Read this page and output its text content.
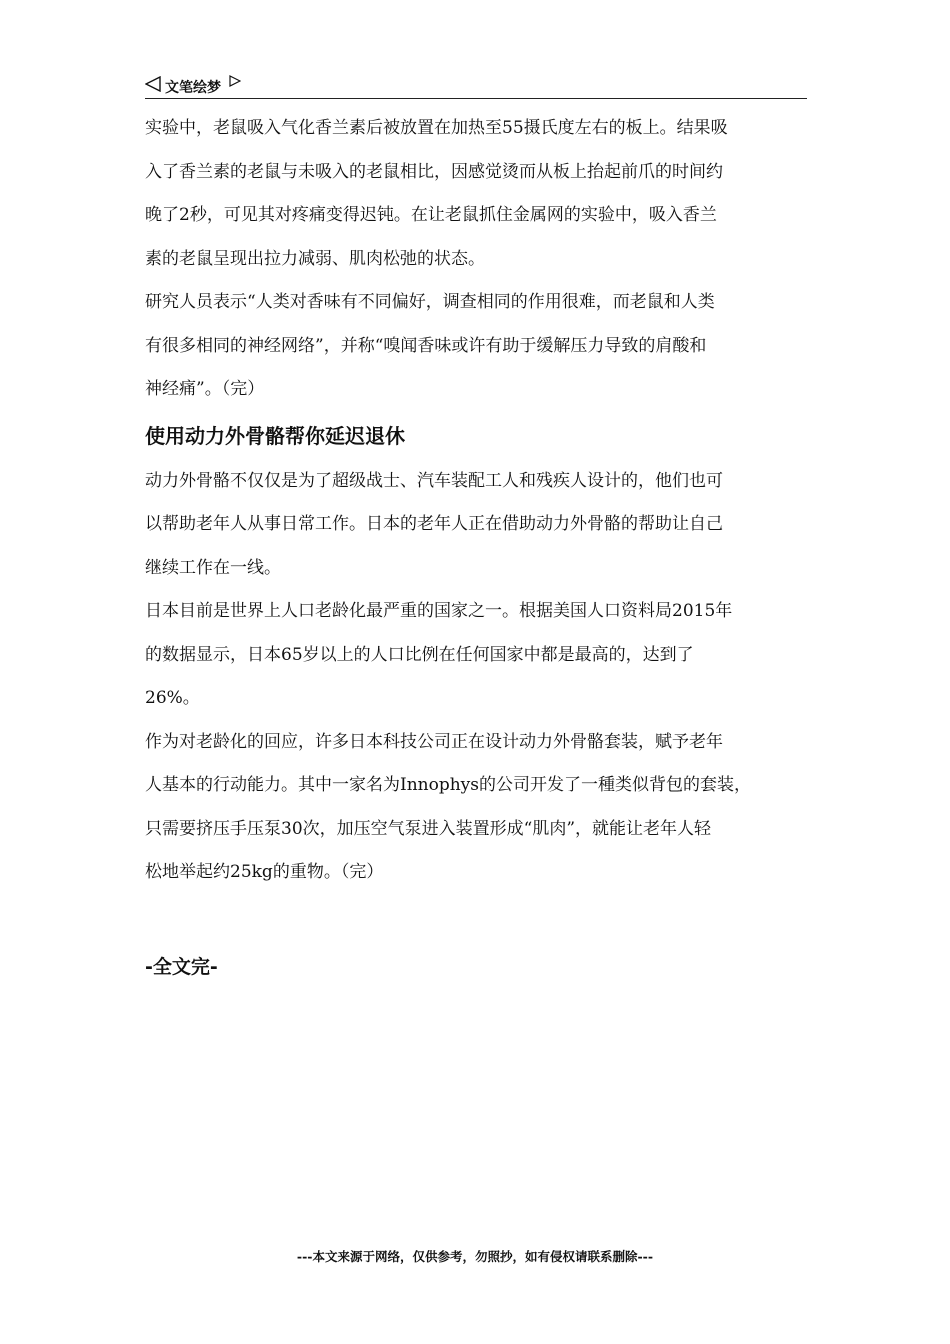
文笔绘梦

实验中，老鼠吸入气化香兰素后被放置在加热至55摄氏度左右的板上。结果吸
入了香兰素的老鼠与未吸入的老鼠相比，因感觉烫而从板上抬起前爪的时间约
晚了2秒，可见其对疼痛变得迟钝。在让老鼠抓住金属网的实验中，吸入香兰
素的老鼠呈现出拉力减弱、肌肉松弛的状态。

研究人员表示“人类对香味有不同偏好，调查相同的作用很难，而老鼠和人类
有很多相同的神经网络”，并称“嗅闻香味或许有助于缓解压力导致的肩酸和
神经痛”。（完）

使用动力外骨骼帮你延迟退休

动力外骨骼不仅仅是为了超级战士、汽车装配工人和残疾人设计的，他们也可
以帮助老年人从事日常工作。日本的老年人正在借助动力外骨骼的帮助让自己
继续工作在一线。

日本目前是世界上人口老龄化最严重的国家之一。根据美国人口资料局2015年
的数据显示，日本65岁以上的人口比例在任何国家中都是最高的，达到了
26%。

作为对老龄化的回应，许多日本科技公司正在设计动力外骨骼套装，赋予老年
人基本的行动能力。其中一家名为Innophys的公司开发了一種类似背包的套装，
只需要挤压手压泵30次，加压空气泵进入装置形成“肌肉”，就能让老年人轻
松地举起约25kg的重物。（完）

-全文完-
---本文来源于网络，仅供参考，勿照抄，如有侵权请联系删除---
